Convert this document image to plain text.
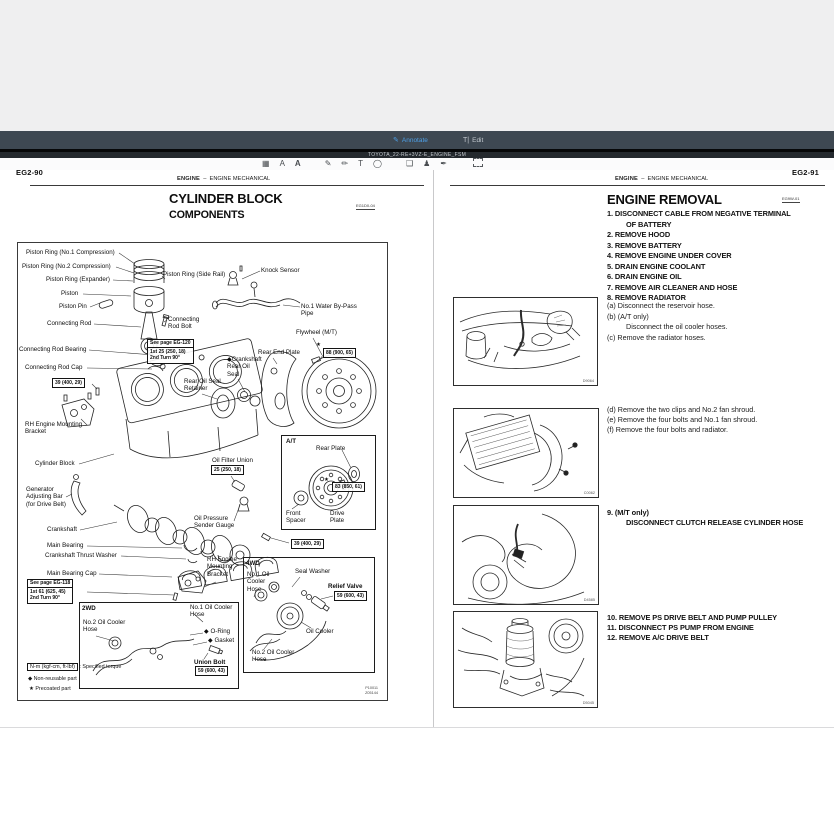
✎ Annotate	T| Edit
TOYOTA_22-RE+3VZ-E_ENGINE_FSM
▦ A A	✎ ✏ T ◯	❑ ♟ ✒
EG2-90
ENGINE – ENGINE MECHANICAL
CYLINDER BLOCK
COMPONENTS
EG1D0-04
Piston Ring (No.1 Compression)
Piston Ring (No.2 Compression)
Piston Ring (Expander)
Piston Ring (Side Rail)
Knock Sensor
Piston
Piston Pin
Connecting Rod
Connecting
Rod Bolt
No.1 Water By-Pass
Pipe
Flywheel (M/T)
Rear End Plate
◆Crankshaft
Rear Oil
Seal
Rear Oil Seal
Retainer
Connecting Rod Bearing
Connecting Rod Cap
RH Engine Mounting
Bracket
Cylinder Block	Oil Filter Union
Generator
Adjusting Bar
(for Drive Belt)
Crankshaft
Oil Pressure
Sender Gauge
Main Bearing
Crankshaft Thrust Washer
Main Bearing Cap
RH Engine
Mounting
Bracket
A/T
Rear Plate
Front
Spacer
Drive
Plate
2WD
4WD
No.1 Oil Cooler
Hose
No.2 Oil Cooler
Hose	◆ O-Ring
◆ Gasket
Union Bolt
No.1 Oil
Cooler
Hose
Seal Washer
Relief Valve
Oil Cooler
No.2 Oil Cooler
Hose
See page EG-120
1st 25 (250, 18)
2nd Turn 90°
39 (400, 29)
88 (900, 65)
★
25 (250, 18)
83 (850, 61)
★
39 (400, 29)
See page EG-118
1st 61 (625, 45)
2nd Turn 90°	59 (600, 43)
59 (600, 43)
N-m (kgf-cm, ft-lbf) : Specified torque
◆ Non-reusable part
★ Precoated part	P10011
Z05144
EG2-91
ENGINE – ENGINE MECHANICAL
ENGINE REMOVAL	EG9W-01
1. DISCONNECT CABLE FROM NEGATIVE TERMINAL
OF BATTERY
2. REMOVE HOOD
3. REMOVE BATTERY
4. REMOVE ENGINE UNDER COVER
5. DRAIN ENGINE COOLANT
6. DRAIN ENGINE OIL
7. REMOVE AIR CLEANER AND HOSE
8. REMOVE RADIATOR
(a) Disconnect the reservoir hose.
(b) (A/T only)
Disconnect the oil cooler hoses.
(c) Remove the radiator hoses.
(d) Remove the two clips and No.2 fan shroud.
(e) Remove the four bolts and No.1 fan shroud.
(f) Remove the four bolts and radiator.
9. (M/T only)
DISCONNECT CLUTCH RELEASE CYLINDER HOSE
10. REMOVE PS DRIVE BELT AND PUMP PULLEY
11. DISCONNECT PS PUMP FROM ENGINE
12. REMOVE A/C DRIVE BELT
D9064
C0062
D4585
D5045
